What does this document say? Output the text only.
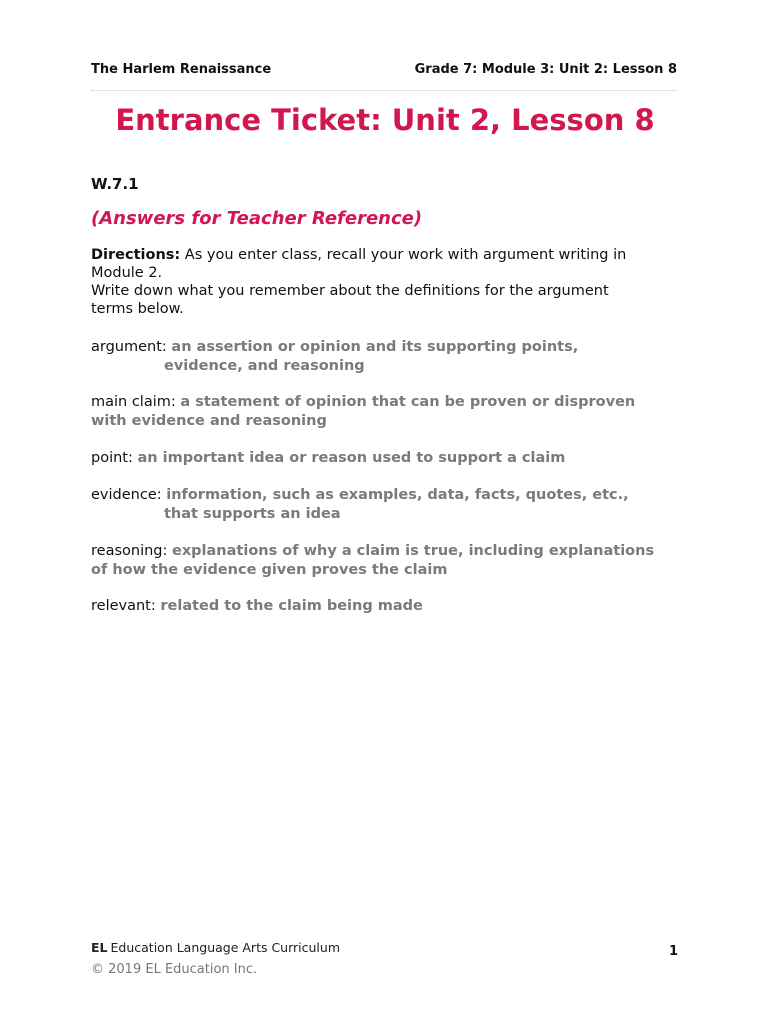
The Harlem Renaissance	Grade 7: Module 3: Unit 2: Lesson 8
Entrance Ticket: Unit 2, Lesson 8
W.7.1
(Answers for Teacher Reference)
Directions: As you enter class, recall your work with argument writing in Module 2.
Write down what you remember about the definitions for the argument terms below.
argument: an assertion or opinion and its supporting points,
evidence, and reasoning
main claim: a statement of opinion that can be proven or disproven
with evidence and reasoning
point: an important idea or reason used to support a claim
evidence: information, such as examples, data, facts, quotes, etc.,
that supports an idea
reasoning: explanations of why a claim is true, including explanations
of how the evidence given proves the claim
relevant: related to the claim being made
EL Education Language Arts Curriculum
© 2019 EL Education Inc.
1
